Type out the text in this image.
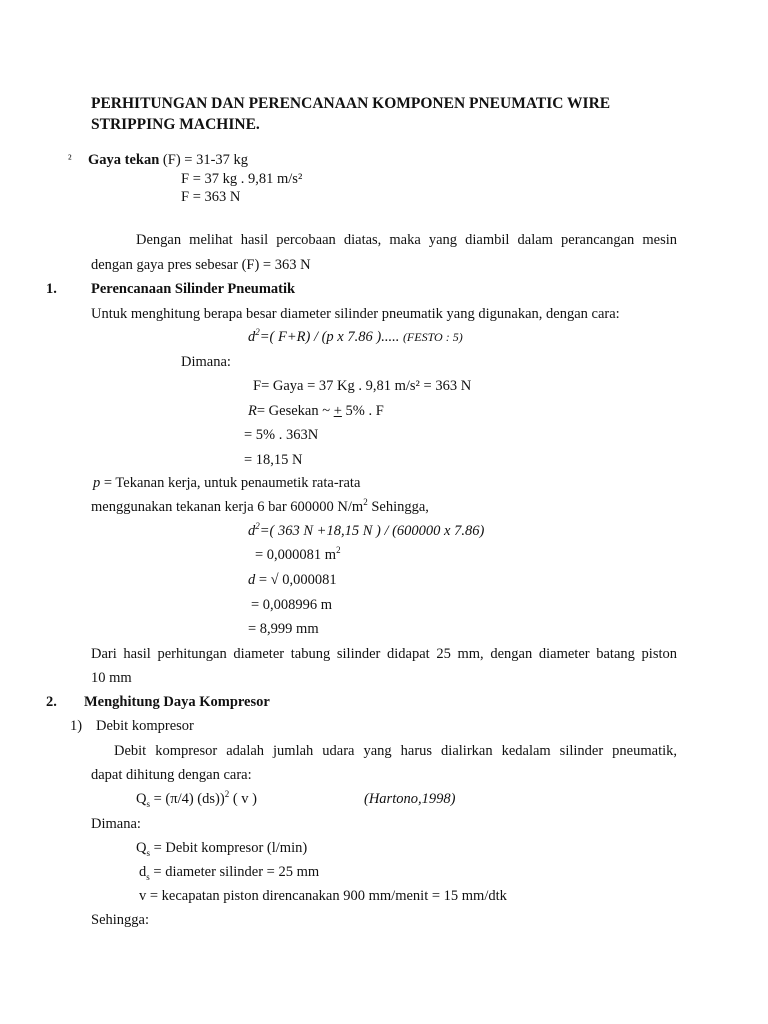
PERHITUNGAN DAN PERENCANAAN KOMPONEN PNEUMATIC WIRE
STRIPPING MACHINE.
² Gaya tekan (F) = 31-37 kg
F = 37 kg . 9,81 m/s²
F = 363 N
Dengan melihat hasil percobaan diatas, maka yang diambil dalam perancangan mesin
dengan gaya pres sebesar (F) = 363 N
1. Perencanaan Silinder Pneumatik
Untuk menghitung berapa besar diameter silinder pneumatik yang digunakan, dengan cara:
$d^2=$( F+R) / (p x 7.86 )..... (FESTO : 5)
Dimana:
F= Gaya = 37 Kg . 9,81 m/s² = 363 N
R= Gesekan ~ + 5% . F
= 5% . 363N
= 18,15 N
p = Tekanan kerja, untuk penaumetik rata-rata
menggunakan tekanan kerja 6 bar 600000 $N/m^2$ Sehingga,
$d^2=$( 363 N +18,15 N ) / (600000 x 7.86)
= 0,000081 $m^2$
d = √ 0,000081
= 0,008996 m
= 8,999 mm
Dari hasil perhitungan diameter tabung silinder didapat 25 mm, dengan diameter batang piston
10 mm
2. Menghitung Daya Kompresor
1) Debit kompresor
Debit kompresor adalah jumlah udara yang harus dialirkan kedalam silinder pneumatik,
dapat dihitung dengan cara:
$Q_s = (\pi/4)$ (ds))$^2$ ( v )	(Hartono,1998)
Dimana:
$Q_s$ = Debit kompresor (l/min)
$d_s$ = diameter silinder = 25 mm
v = kecapatan piston direncanakan 900 mm/menit = 15 mm/dtk
Sehingga:
